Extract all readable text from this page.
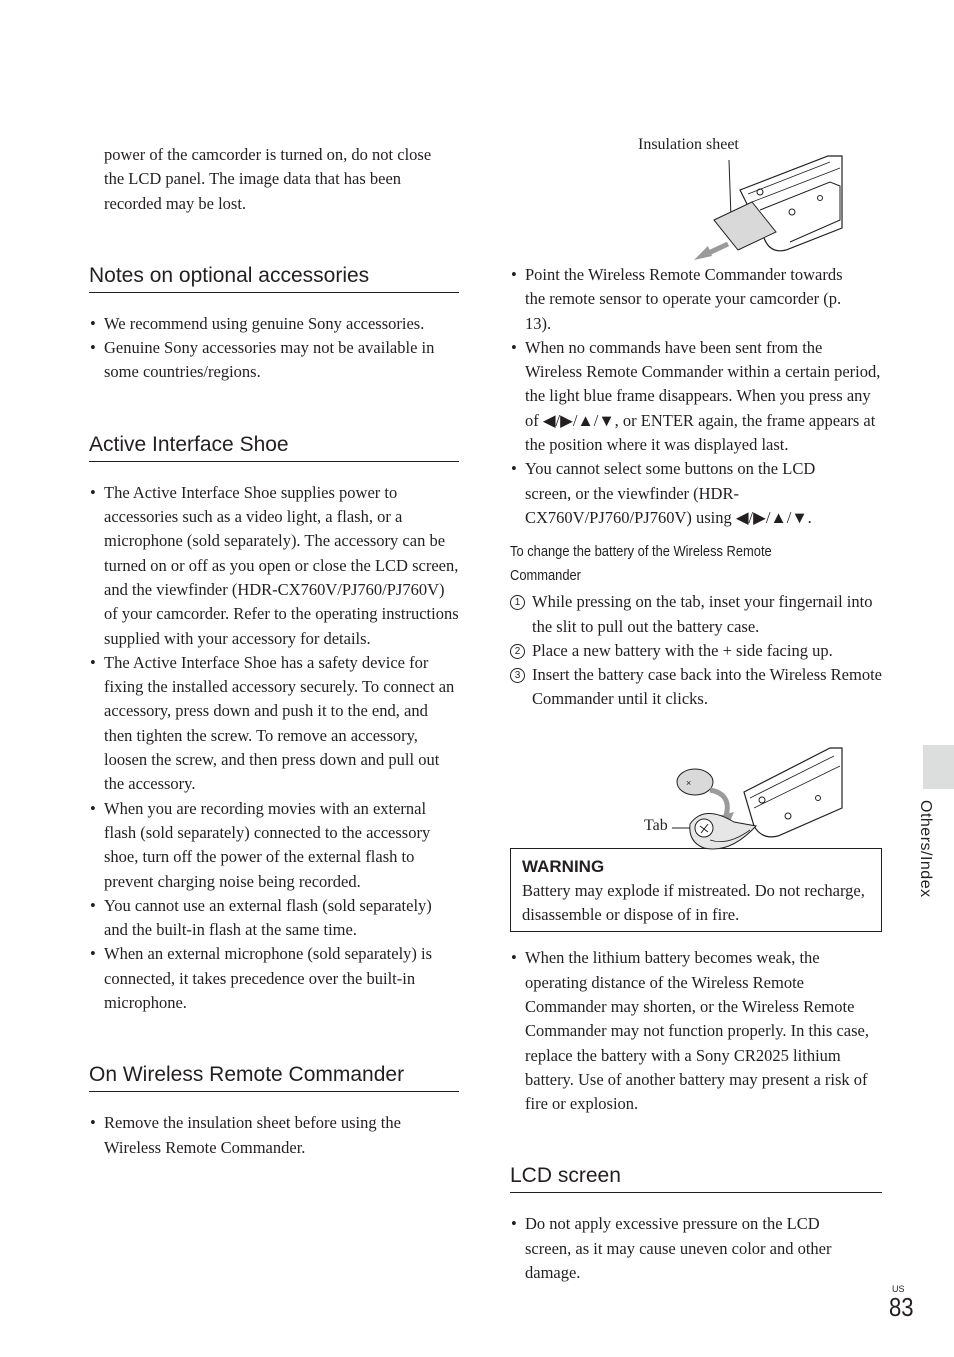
power of the camcorder is turned on, do not close the LCD panel. The image data that has been recorded may be lost.

Notes on optional accessories
• We recommend using genuine Sony accessories.
• Genuine Sony accessories may not be available in some countries/regions.
Active Interface Shoe
• The Active Interface Shoe supplies power to accessories such as a video light, a flash, or a microphone (sold separately). The accessory can be turned on or off as you open or close the LCD screen, and the viewfinder (HDR-CX760V/PJ760/PJ760V) of your camcorder. Refer to the operating instructions supplied with your accessory for details.
• The Active Interface Shoe has a safety device for fixing the installed accessory securely. To connect an accessory, press down and push it to the end, and then tighten the screw. To remove an accessory, loosen the screw, and then press down and pull out the accessory.
• When you are recording movies with an external flash (sold separately) connected to the accessory shoe, turn off the power of the external flash to prevent charging noise being recorded.
• You cannot use an external flash (sold separately) and the built-in flash at the same time.
• When an external microphone (sold separately) is connected, it takes precedence over the built-in microphone.
On Wireless Remote Commander
• Remove the insulation sheet before using the Wireless Remote Commander.
Insulation sheet
• Point the Wireless Remote Commander towards the remote sensor to operate your camcorder (p. 13).
• When no commands have been sent from the Wireless Remote Commander within a certain period, the light blue frame disappears. When you press any of ◀/▶/▲/▼, or ENTER again, the frame appears at the position where it was displayed last.
• You cannot select some buttons on the LCD screen, or the viewfinder (HDR-CX760V/PJ760/PJ760V) using ◀/▶/▲/▼.

To change the battery of the Wireless Remote Commander

1 While pressing on the tab, inset your fingernail into the slit to pull out the battery case.
2 Place a new battery with the + side facing up.
3 Insert the battery case back into the Wireless Remote Commander until it clicks.
WARNING
Battery may explode if mistreated. Do not recharge, disassemble or dispose of in fire.
• When the lithium battery becomes weak, the operating distance of the Wireless Remote Commander may shorten, or the Wireless Remote Commander may not function properly. In this case, replace the battery with a Sony CR2025 lithium battery. Use of another battery may present a risk of fire or explosion.
LCD screen
• Do not apply excessive pressure on the LCD screen, as it may cause uneven color and other damage.
Tab
×
Others/Index
US
83
